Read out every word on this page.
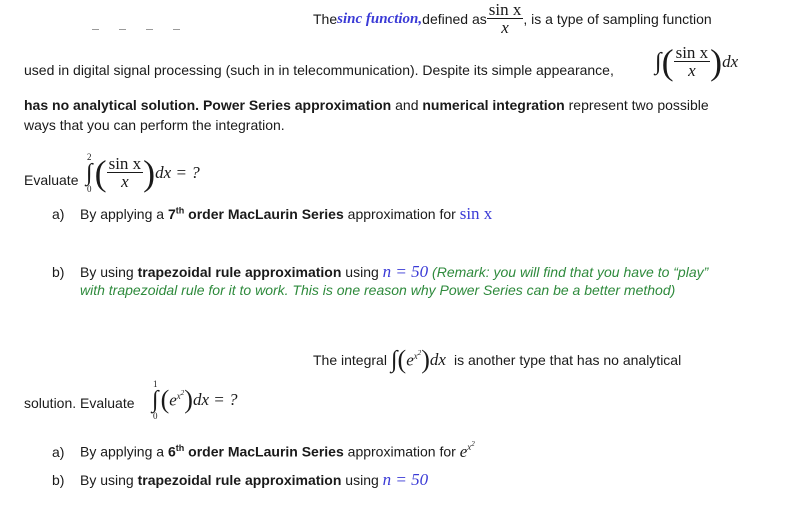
The sinc function, defined as $\frac{\text{sin x}}{x}$ , is a type of sampling function
used in digital signal processing (such in in telecommunication). Despite its simple appearance, ∫ ( $\frac{\text{sin x}}{x}$ ) dx
has no analytical solution. Power Series approximation and numerical integration represent two possible
ways that you can perform the integration.
Evaluate
2
∫
0 ( $\frac{\text{sin x}}{x}$ ) dx = ?
a) By applying a 7th order MacLaurin Series approximation for sin x
b) By using trapezoidal rule approximation using n = 50 (Remark: you will find that you have to “play”
with trapezoidal rule for it to work. This is one reason why Power Series can be a better method)
The integral ∫ ( $e^{x^2}$ ) dx is another type that has no analytical
solution. Evaluate
1
∫
0
( $e^{x^2}$ ) dx = ?
a) By applying a 6th order MacLaurin Series approximation for $e^{x^2}$
b) By using trapezoidal rule approximation using n = 50
